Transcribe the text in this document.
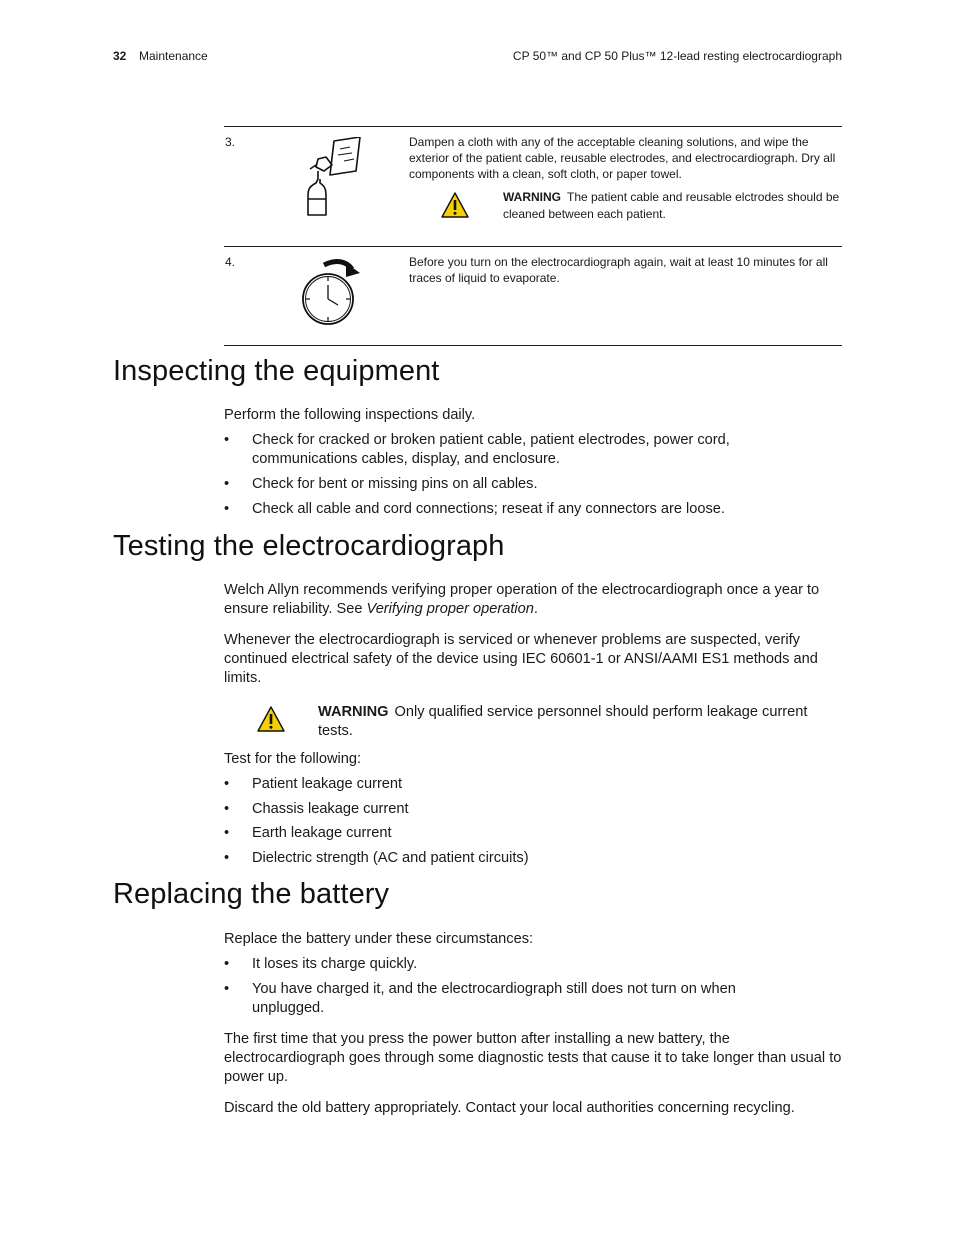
32 Maintenance	CP 50™ and CP 50 Plus™ 12-lead resting electrocardiograph
3.	Dampen a cloth with any of the acceptable cleaning solutions, and wipe the exterior of the patient cable, reusable electrodes, and electrocardiograph. Dry all components with a clean, soft cloth, or paper towel.
WARNING The patient cable and reusable elctrodes should be cleaned between each patient.
4.	Before you turn on the electrocardiograph again, wait at least 10 minutes for all traces of liquid to evaporate.
Inspecting the equipment

Perform the following inspections daily.

• Check for cracked or broken patient cable, patient electrodes, power cord, communications cables, display, and enclosure.
• Check for bent or missing pins on all cables.
• Check all cable and cord connections; reseat if any connectors are loose.
Testing the electrocardiograph

Welch Allyn recommends verifying proper operation of the electrocardiograph once a year to ensure reliability. See Verifying proper operation.

Whenever the electrocardiograph is serviced or whenever problems are suspected, verify continued electrical safety of the device using IEC 60601-1 or ANSI/AAMI ES1 methods and limits.

WARNING Only qualified service personnel should perform leakage current tests.

Test for the following:

• Patient leakage current
• Chassis leakage current
• Earth leakage current
• Dielectric strength (AC and patient circuits)
Replacing the battery

Replace the battery under these circumstances:

• It loses its charge quickly.
• You have charged it, and the electrocardiograph still does not turn on when unplugged.

The first time that you press the power button after installing a new battery, the electrocardiograph goes through some diagnostic tests that cause it to take longer than usual to power up.

Discard the old battery appropriately. Contact your local authorities concerning recycling.
